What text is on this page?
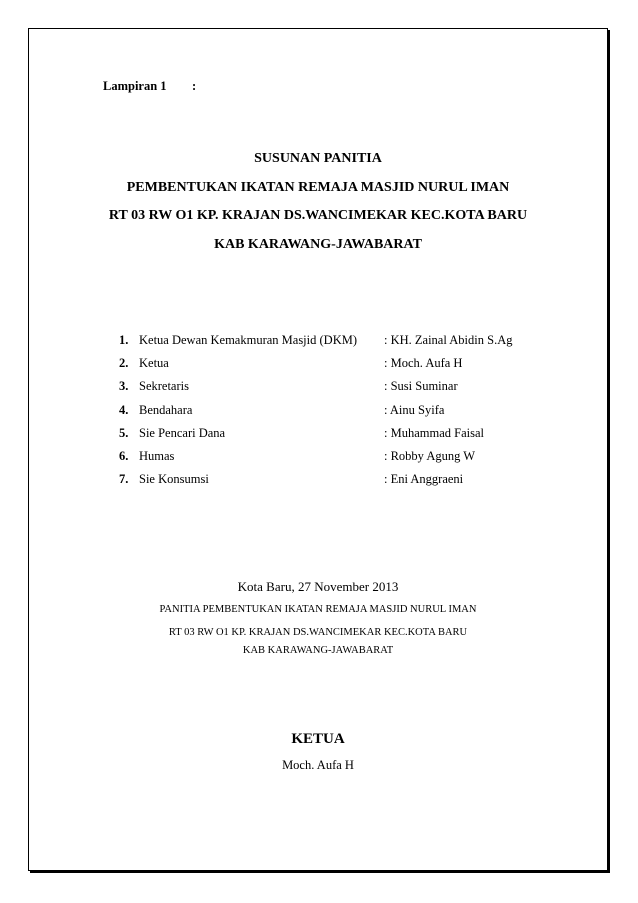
Lampiran 1 :
SUSUNAN PANITIA
PEMBENTUKAN IKATAN REMAJA MASJID NURUL IMAN
RT 03 RW O1 KP. KRAJAN DS.WANCIMEKAR KEC.KOTA BARU
KAB KARAWANG-JAWABARAT
1. Ketua Dewan Kemakmuran Masjid (DKM) : KH. Zainal Abidin S.Ag
2. Ketua	: Moch. Aufa H
3. Sekretaris	: Susi Suminar
4. Bendahara	: Ainu Syifa
5. Sie Pencari Dana	: Muhammad Faisal
6. Humas	: Robby Agung W
7. Sie Konsumsi	: Eni Anggraeni
Kota Baru, 27 November 2013
PANITIA PEMBENTUKAN IKATAN REMAJA MASJID NURUL IMAN
RT 03 RW O1 KP. KRAJAN DS.WANCIMEKAR KEC.KOTA BARU
KAB KARAWANG-JAWABARAT
KETUA
Moch. Aufa H
